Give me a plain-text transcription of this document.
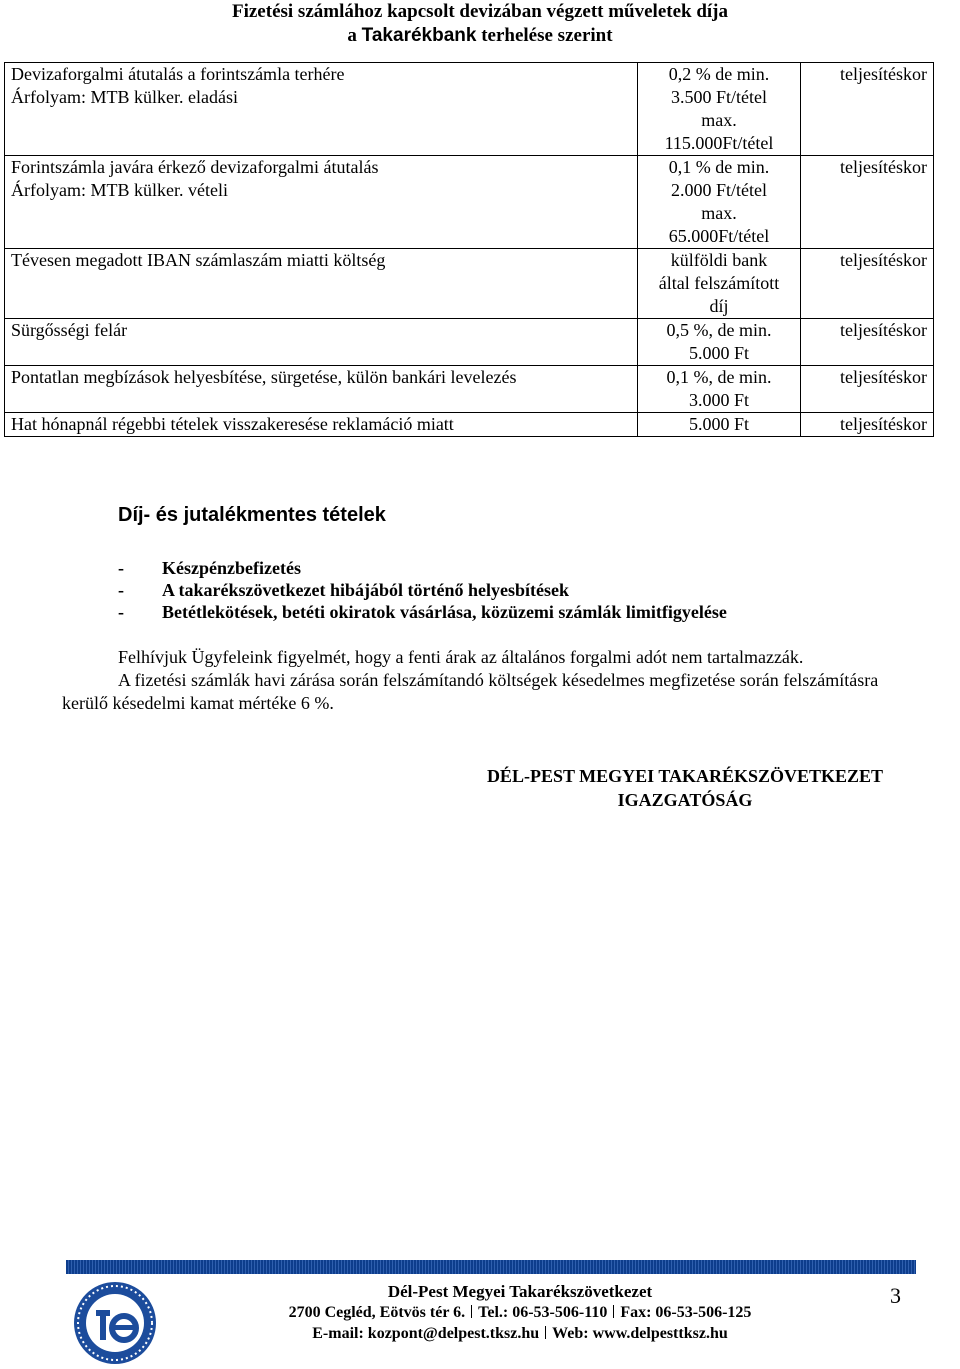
Fizetési számlához kapcsolt devizában végzett műveletek díja
a Takarékbank terhelése szerint
Devizaforgalmi átutalás a forintszámla terhére
Árfolyam: MTB külker. eladási	0,2 % de min.
3.500 Ft/tétel
max.
115.000Ft/tétel	teljesítéskor
Forintszámla javára érkező devizaforgalmi átutalás
Árfolyam: MTB külker. vételi	0,1 % de min.
2.000 Ft/tétel
max.
65.000Ft/tétel	teljesítéskor
Tévesen megadott IBAN számlaszám miatti költség	külföldi bank
által felszámított
díj	teljesítéskor
Sürgősségi felár	0,5 %, de min.
5.000 Ft	teljesítéskor
Pontatlan megbízások helyesbítése, sürgetése, külön bankári levelezés	0,1 %, de min.
3.000 Ft	teljesítéskor
Hat hónapnál régebbi tételek visszakeresése reklamáció miatt	5.000 Ft	teljesítéskor
Díj- és jutalékmentes tételek
-	Készpénzbefizetés
-	A takarékszövetkezet hibájából történő helyesbítések
-	Betétlekötések, betéti okiratok vásárlása, közüzemi számlák limitfigyelése

Felhívjuk Ügyfeleink figyelmét, hogy a fenti árak az általános forgalmi adót nem tartalmazzák.

A fizetési számlák havi zárása során felszámítandó költségek késedelmes megfizetése során felszámításra kerülő késedelmi kamat mértéke 6 %.

DÉL-PEST MEGYEI TAKARÉKSZÖVETKEZET
IGAZGATÓSÁG
Dél-Pest Megyei Takarékszövetkezet
2700 Cegléd, Eötvös tér 6. Tel.: 06-53-506-110 Fax: 06-53-506-125
E-mail: kozpont@delpest.tksz.hu Web: www.delpesttksz.hu
3
